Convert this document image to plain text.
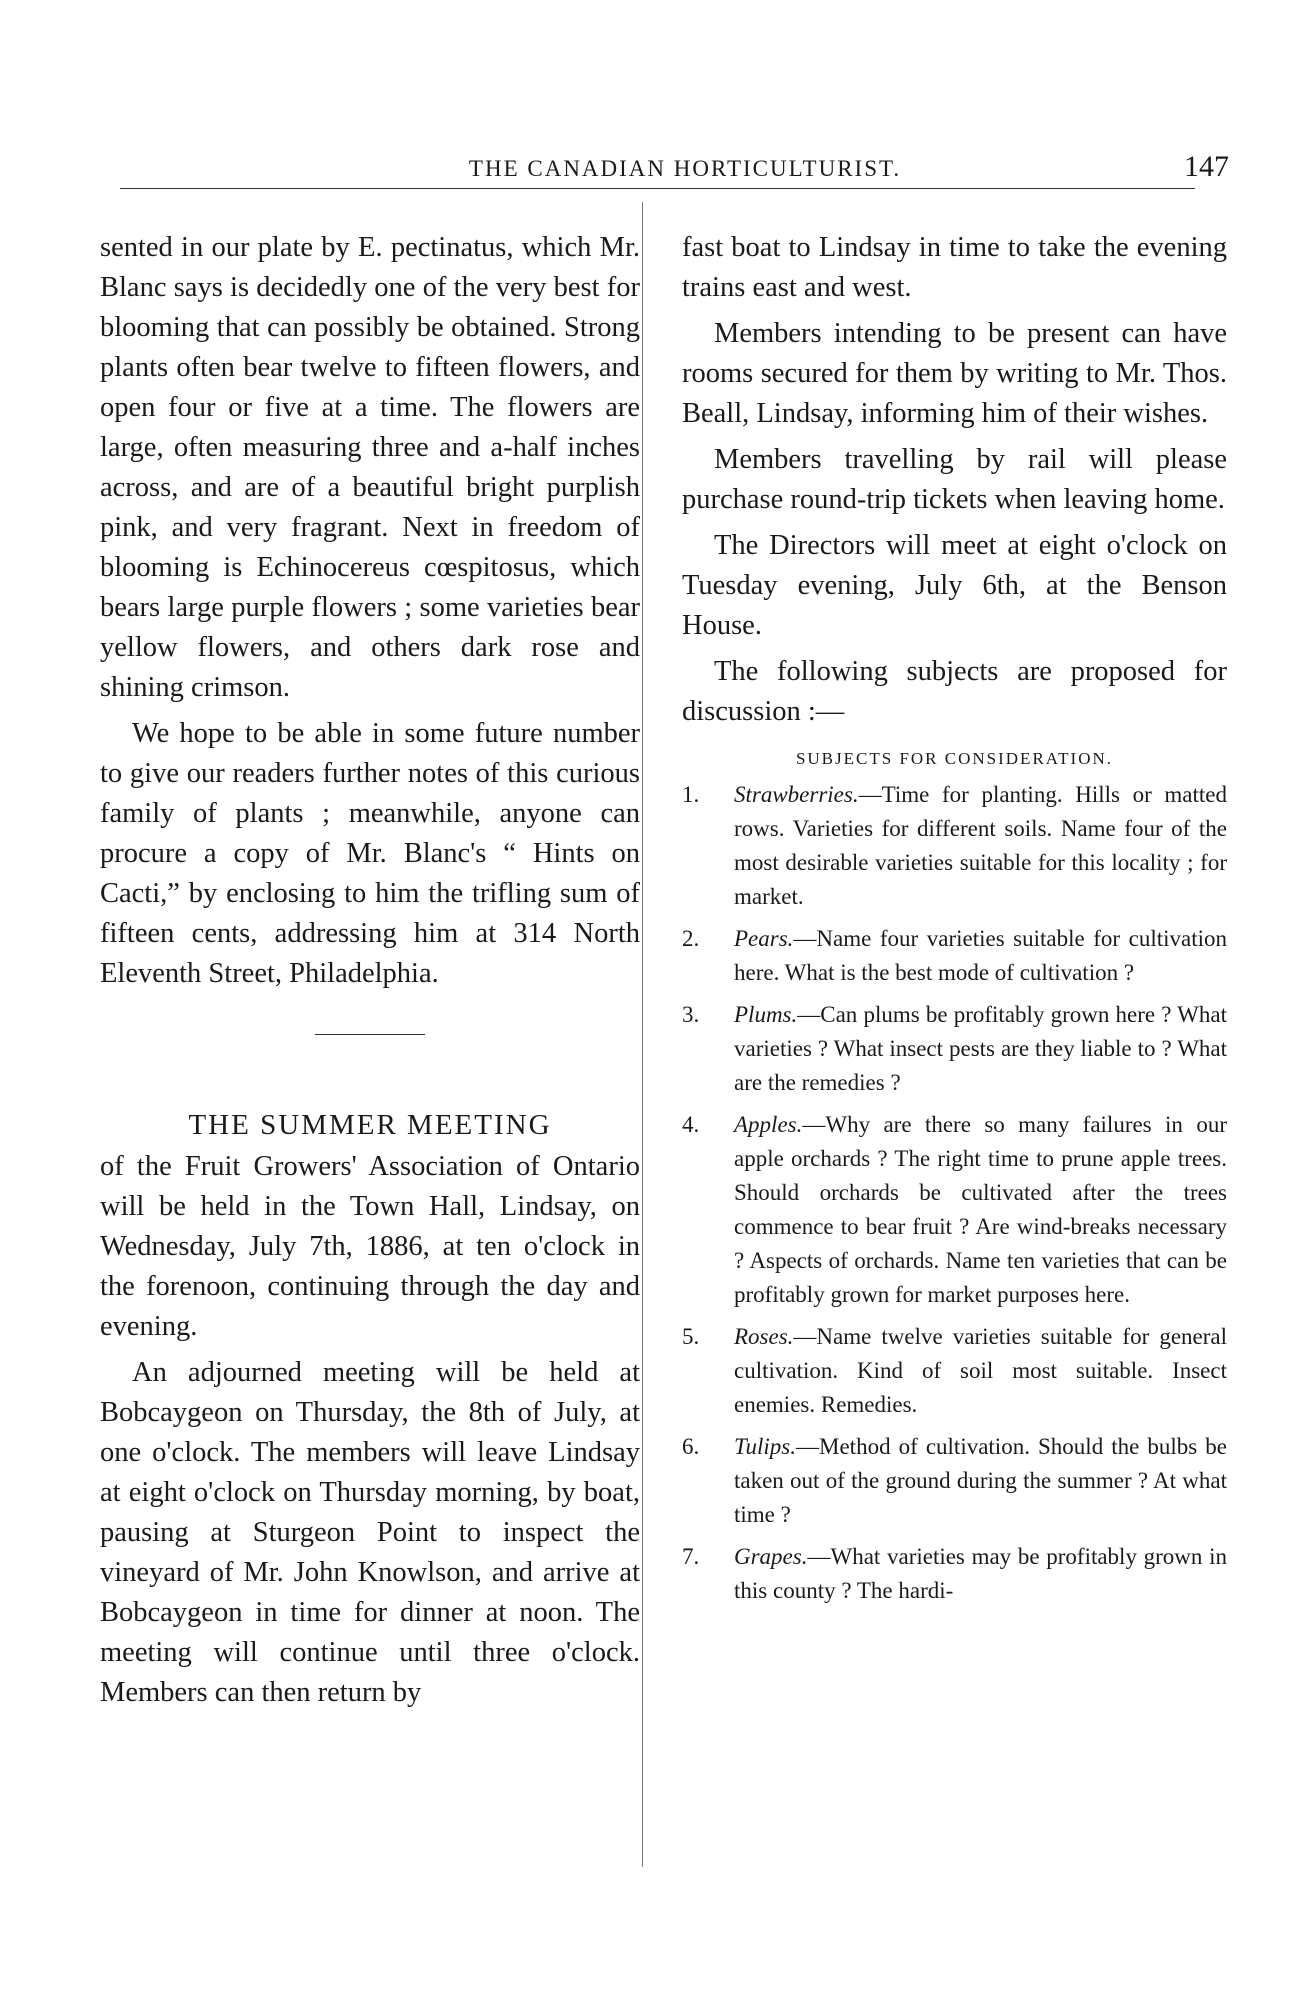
THE CANADIAN HORTICULTURIST.	147

sented in our plate by E. pectinatus, which Mr. Blanc says is decidedly one of the very best for blooming that can possibly be obtained. Strong plants often bear twelve to fifteen flowers, and open four or five at a time. The flowers are large, often measuring three and a-half inches across, and are of a beautiful bright purplish pink, and very fragrant. Next in freedom of blooming is Echinocereus cœspitosus, which bears large purple flowers ; some varieties bear yellow flowers, and others dark rose and shining crimson.

We hope to be able in some future number to give our readers further notes of this curious family of plants ; meanwhile, anyone can procure a copy of Mr. Blanc's “ Hints on Cacti,” by enclosing to him the trifling sum of fifteen cents, addressing him at 314 North Eleventh Street, Philadelphia.

THE SUMMER MEETING

of the Fruit Growers' Association of Ontario will be held in the Town Hall, Lindsay, on Wednesday, July 7th, 1886, at ten o'clock in the forenoon, continuing through the day and evening.

An adjourned meeting will be held at Bobcaygeon on Thursday, the 8th of July, at one o'clock. The members will leave Lindsay at eight o'clock on Thursday morning, by boat, pausing at Sturgeon Point to inspect the vineyard of Mr. John Knowlson, and arrive at Bobcaygeon in time for dinner at noon. The meeting will continue until three o'clock. Members can then return by

fast boat to Lindsay in time to take the evening trains east and west.

Members intending to be present can have rooms secured for them by writing to Mr. Thos. Beall, Lindsay, informing him of their wishes.

Members travelling by rail will please purchase round-trip tickets when leaving home.

The Directors will meet at eight o'clock on Tuesday evening, July 6th, at the Benson House.

The following subjects are proposed for discussion :—

SUBJECTS FOR CONSIDERATION.
1. Strawberries.—Time for planting. Hills or matted rows. Varieties for different soils. Name four of the most desirable varieties suitable for this locality ; for market.
2. Pears.—Name four varieties suitable for cultivation here. What is the best mode of cultivation ?
3. Plums.—Can plums be profitably grown here ? What varieties ? What insect pests are they liable to ? What are the remedies ?
4. Apples.—Why are there so many failures in our apple orchards ? The right time to prune apple trees. Should orchards be cultivated after the trees commence to bear fruit ? Are wind-breaks necessary ? Aspects of orchards. Name ten varieties that can be profitably grown for market purposes here.
5. Roses.—Name twelve varieties suitable for general cultivation. Kind of soil most suitable. Insect enemies. Remedies.
6. Tulips.—Method of cultivation. Should the bulbs be taken out of the ground during the summer ? At what time ?
7. Grapes.—What varieties may be profitably grown in this county ? The hardi-
